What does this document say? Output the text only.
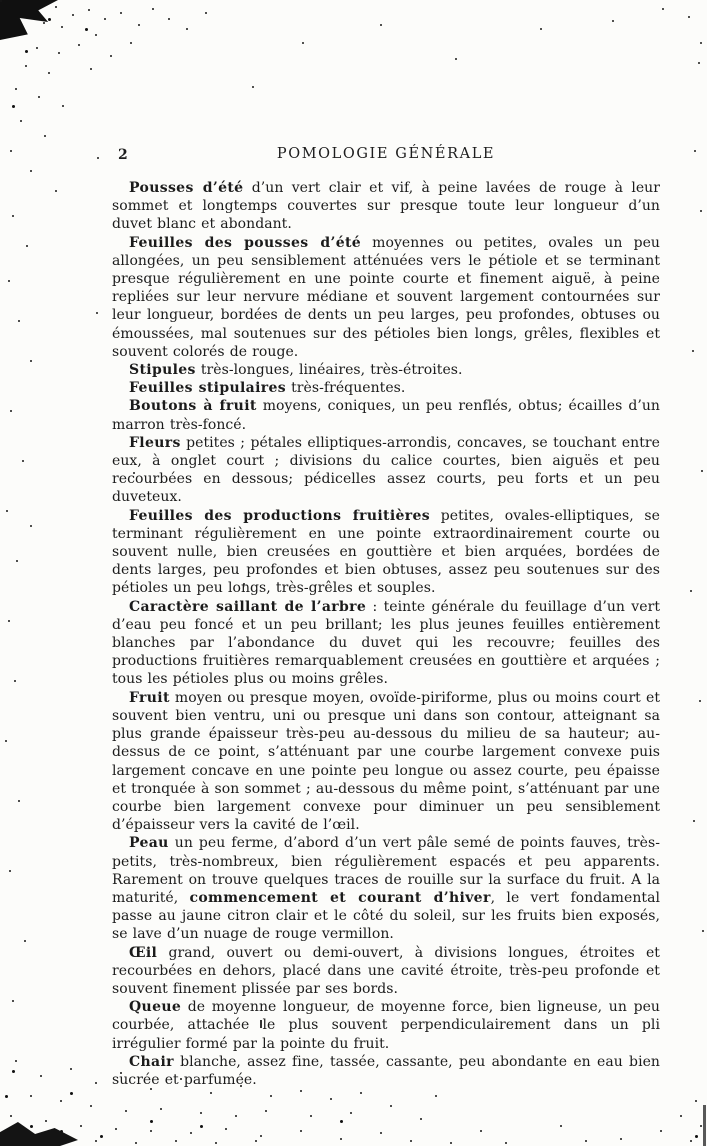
2	POMOLOGIE GÉNÉRALE

Pousses d’été d’un vert clair et vif, à peine lavées de rouge à leur sommet et longtemps couvertes sur presque toute leur longueur d’un duvet blanc et abondant.

Feuilles des pousses d’été moyennes ou petites, ovales un peu allongées, un peu sensiblement atténuées vers le pétiole et se terminant presque régulièrement en une pointe courte et finement aiguë, à peine repliées sur leur nervure médiane et souvent largement contournées sur leur longueur, bordées de dents un peu larges, peu profondes, obtuses ou émoussées, mal soutenues sur des pétioles bien longs, grêles, flexibles et souvent colorés de rouge.

Stipules très-longues, linéaires, très-étroites.

Feuilles stipulaires très-fréquentes.

Boutons à fruit moyens, coniques, un peu renflés, obtus; écailles d’un marron très-foncé.

Fleurs petites ; pétales elliptiques-arrondis, concaves, se touchant entre eux, à onglet court ; divisions du calice courtes, bien aiguës et peu recourbées en dessous; pédicelles assez courts, peu forts et un peu duveteux.

Feuilles des productions fruitières petites, ovales-elliptiques, se terminant régulièrement en une pointe extraordinairement courte ou souvent nulle, bien creusées en gouttière et bien arquées, bordées de dents larges, peu profondes et bien obtuses, assez peu soutenues sur des pétioles un peu longs, très-grêles et souples.

Caractère saillant de l’arbre : teinte générale du feuillage d’un vert d’eau peu foncé et un peu brillant; les plus jeunes feuilles entièrement blanches par l’abondance du duvet qui les recouvre; feuilles des productions fruitières remarquablement creusées en gouttière et arquées ; tous les pétioles plus ou moins grêles.

Fruit moyen ou presque moyen, ovoïde-piriforme, plus ou moins court et souvent bien ventru, uni ou presque uni dans son contour, atteignant sa plus grande épaisseur très-peu au-dessous du milieu de sa hauteur; au-dessus de ce point, s’atténuant par une courbe largement convexe puis largement concave en une pointe peu longue ou assez courte, peu épaisse et tronquée à son sommet ; au-dessous du même point, s’atténuant par une courbe bien largement convexe pour diminuer un peu sensiblement d’épaisseur vers la cavité de l’œil.

Peau un peu ferme, d’abord d’un vert pâle semé de points fauves, très-petits, très-nombreux, bien régulièrement espacés et peu apparents. Rarement on trouve quelques traces de rouille sur la surface du fruit. A la maturité, commencement et courant d’hiver, le vert fondamental passe au jaune citron clair et le côté du soleil, sur les fruits bien exposés, se lave d’un nuage de rouge vermillon.

Œil grand, ouvert ou demi-ouvert, à divisions longues, étroites et recourbées en dehors, placé dans une cavité étroite, très-peu profonde et souvent finement plissée par ses bords.

Queue de moyenne longueur, de moyenne force, bien ligneuse, un peu courbée, attachée le plus souvent perpendiculairement dans un pli irrégulier formé par la pointe du fruit.

Chair blanche, assez fine, tassée, cassante, peu abondante en eau bien sucrée et parfumée.
